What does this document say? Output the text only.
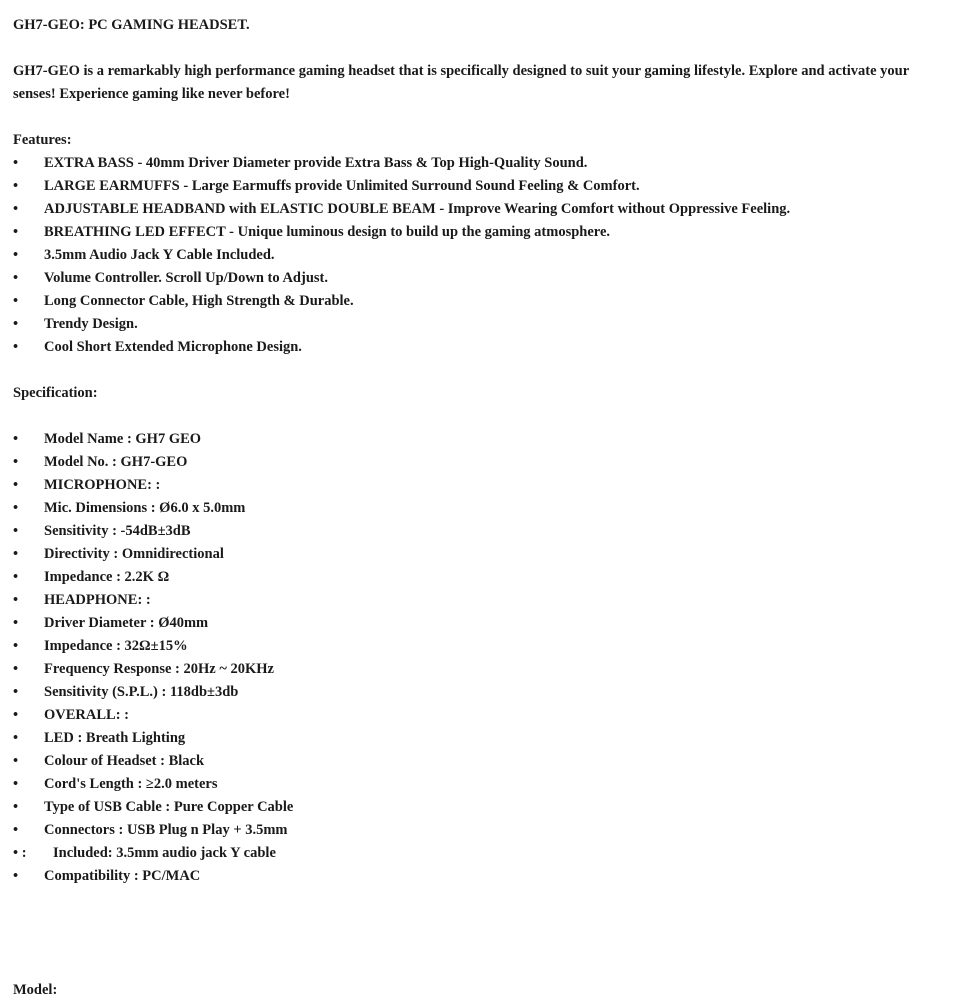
GH7-GEO: PC GAMING HEADSET.

GH7-GEO is a remarkably high performance gaming headset that is specifically designed to suit your gaming lifestyle. Explore and activate your senses! Experience gaming like never before!

Features:

•	EXTRA BASS - 40mm Driver Diameter provide Extra Bass & Top High-Quality Sound.
•	LARGE EARMUFFS - Large Earmuffs provide Unlimited Surround Sound Feeling & Comfort.
•	ADJUSTABLE HEADBAND with ELASTIC DOUBLE BEAM - Improve Wearing Comfort without Oppressive Feeling.
•	BREATHING LED EFFECT - Unique luminous design to build up the gaming atmosphere.
•	3.5mm Audio Jack Y Cable Included.
•	Volume Controller. Scroll Up/Down to Adjust.
•	Long Connector Cable, High Strength & Durable.
•	Trendy Design.
•	Cool Short Extended Microphone Design.

Specification:

•	Model Name : GH7 GEO
•	Model No. : GH7-GEO
•	MICROPHONE: :
•	Mic. Dimensions : Ø6.0 x 5.0mm
•	Sensitivity : -54dB±3dB
•	Directivity : Omnidirectional
•	Impedance : 2.2K Ω
•	HEADPHONE: :
•	Driver Diameter : Ø40mm
•	Impedance : 32Ω±15%
•	Frequency Response : 20Hz ~ 20KHz
•	Sensitivity (S.P.L.) : 118db±3db
•	OVERALL: :
•	LED : Breath Lighting
•	Colour of Headset : Black
•	Cord's Length : ≥2.0 meters
•	Type of USB Cable : Pure Copper Cable
•	Connectors : USB Plug n Play + 3.5mm
• :	Included: 3.5mm audio jack Y cable
•	Compatibility : PC/MAC

Model:
